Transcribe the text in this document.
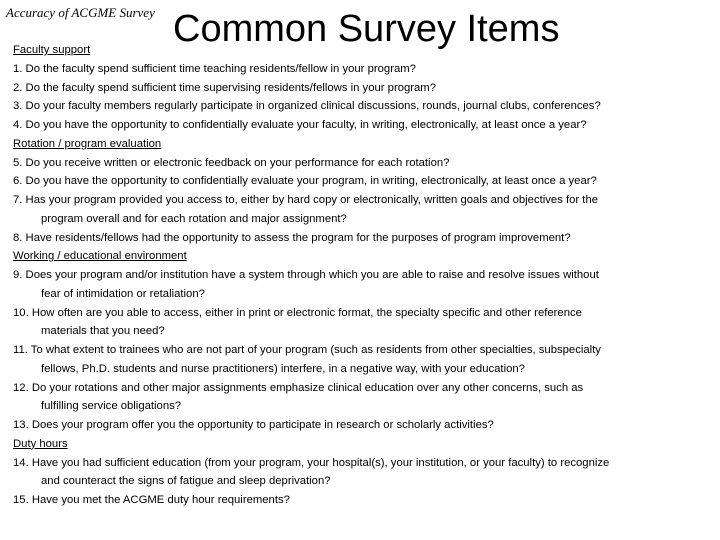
Accuracy of ACGME Survey Common Survey Items
Faculty support
1. Do the faculty spend sufficient time teaching residents/fellow in your program?
2. Do the faculty spend sufficient time supervising residents/fellows in your program?
3. Do your faculty members regularly participate in organized clinical discussions, rounds, journal clubs, conferences?
4. Do you have the opportunity to confidentially evaluate your faculty, in writing, electronically, at least once a year?
Rotation / program evaluation
5. Do you receive written or electronic feedback on your performance for each rotation?
6. Do you have the opportunity to confidentially evaluate your program, in writing, electronically, at least once a year?
7. Has your program provided you access to, either by hard copy or electronically, written goals and objectives for the
program overall and for each rotation and major assignment?
8. Have residents/fellows had the opportunity to assess the program for the purposes of program improvement?
Working / educational environment
9. Does your program and/or institution have a system through which you are able to raise and resolve issues without
fear of intimidation or retaliation?
10. How often are you able to access, either in print or electronic format, the specialty specific and other reference
materials that you need?
11. To what extent to trainees who are not part of your program (such as residents from other specialties, subspecialty
fellows, Ph.D. students and nurse practitioners) interfere, in a negative way, with your education?
12. Do your rotations and other major assignments emphasize clinical education over any other concerns, such as
fulfilling service obligations?
13. Does your program offer you the opportunity to participate in research or scholarly activities?
Duty hours
14. Have you had sufficient education (from your program, your hospital(s), your institution, or your faculty) to recognize
and counteract the signs of fatigue and sleep deprivation?
15. Have you met the ACGME duty hour requirements?
